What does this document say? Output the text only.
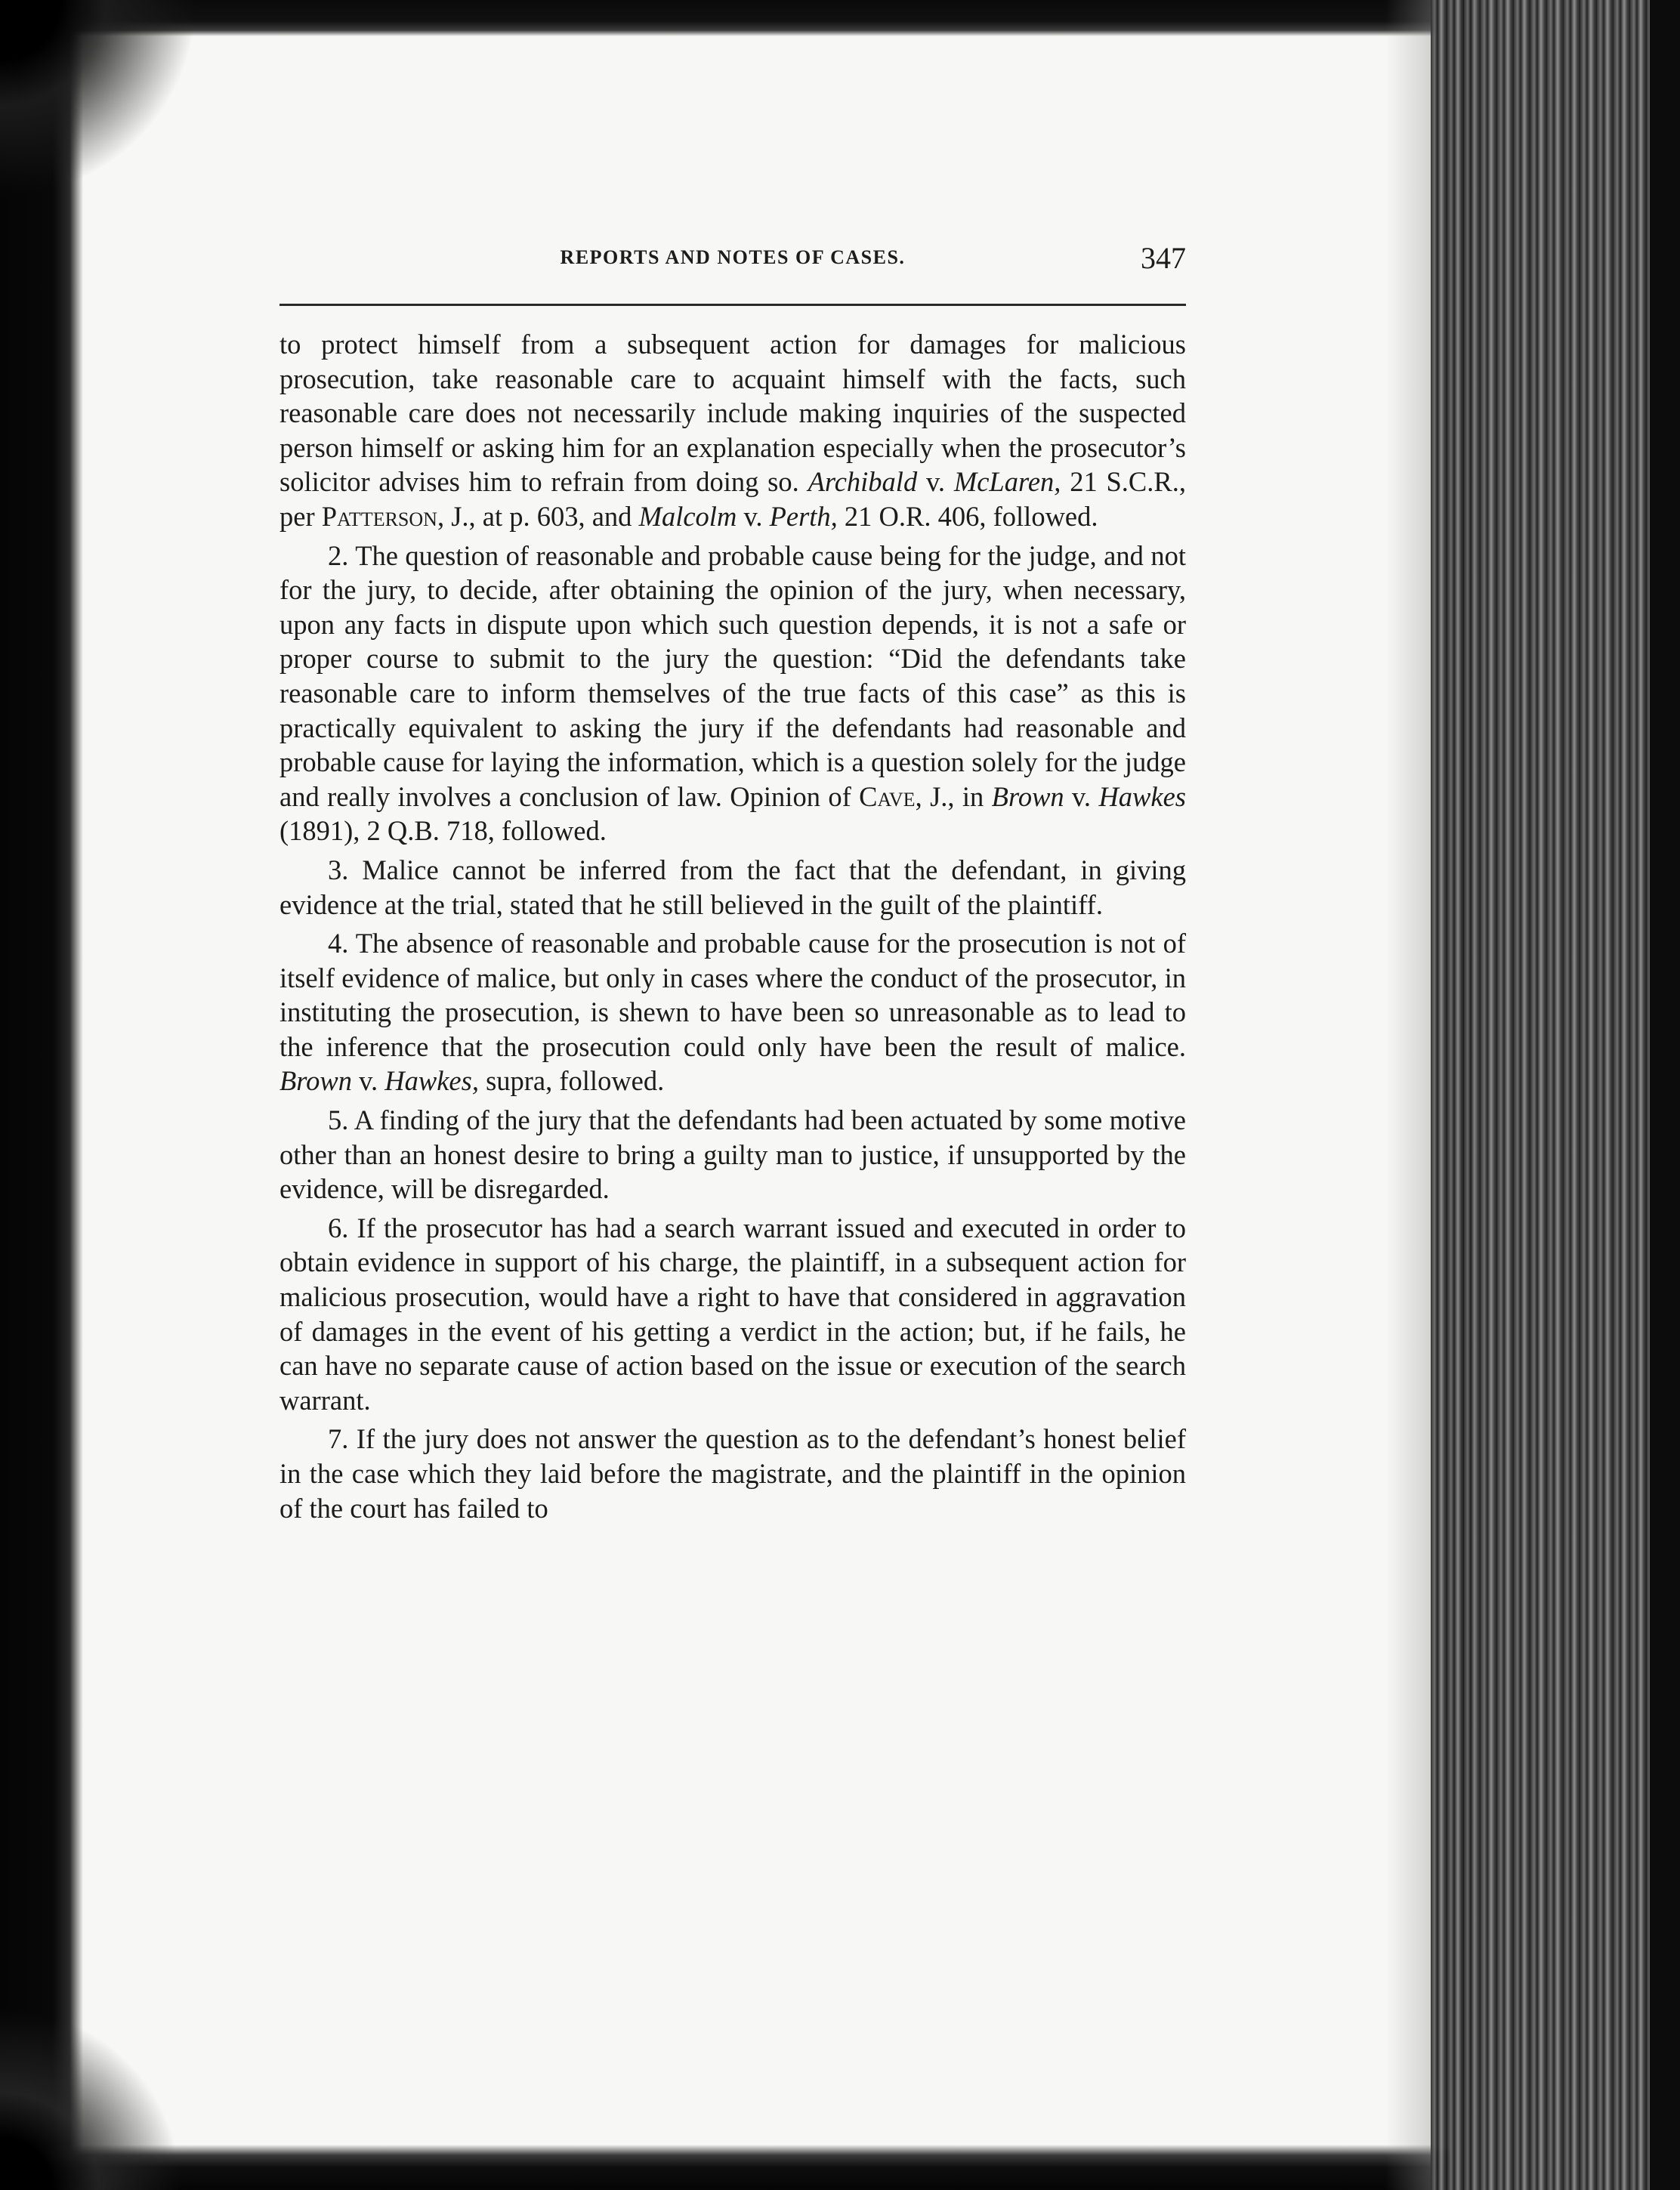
REPORTS AND NOTES OF CASES.	347

to protect himself from a subsequent action for damages for malicious prosecution, take reasonable care to acquaint himself with the facts, such reasonable care does not necessarily include making inquiries of the suspected person himself or asking him for an explanation especially when the prosecutor’s solicitor advises him to refrain from doing so. Archibald v. McLaren, 21 S.C.R., per Patterson, J., at p. 603, and Malcolm v. Perth, 21 O.R. 406, followed.

2. The question of reasonable and probable cause being for the judge, and not for the jury, to decide, after obtaining the opinion of the jury, when necessary, upon any facts in dispute upon which such question depends, it is not a safe or proper course to submit to the jury the question: “Did the defendants take reasonable care to inform themselves of the true facts of this case” as this is practically equivalent to asking the jury if the defendants had reasonable and probable cause for laying the information, which is a question solely for the judge and really involves a conclusion of law. Opinion of Cave, J., in Brown v. Hawkes (1891), 2 Q.B. 718, followed.

3. Malice cannot be inferred from the fact that the defendant, in giving evidence at the trial, stated that he still believed in the guilt of the plaintiff.

4. The absence of reasonable and probable cause for the prosecution is not of itself evidence of malice, but only in cases where the conduct of the prosecutor, in instituting the prosecution, is shewn to have been so unreasonable as to lead to the inference that the prosecution could only have been the result of malice. Brown v. Hawkes, supra, followed.

5. A finding of the jury that the defendants had been actuated by some motive other than an honest desire to bring a guilty man to justice, if unsupported by the evidence, will be disregarded.

6. If the prosecutor has had a search warrant issued and executed in order to obtain evidence in support of his charge, the plaintiff, in a subsequent action for malicious prosecution, would have a right to have that considered in aggravation of damages in the event of his getting a verdict in the action; but, if he fails, he can have no separate cause of action based on the issue or execution of the search warrant.

7. If the jury does not answer the question as to the defendant’s honest belief in the case which they laid before the magistrate, and the plaintiff in the opinion of the court has failed to
